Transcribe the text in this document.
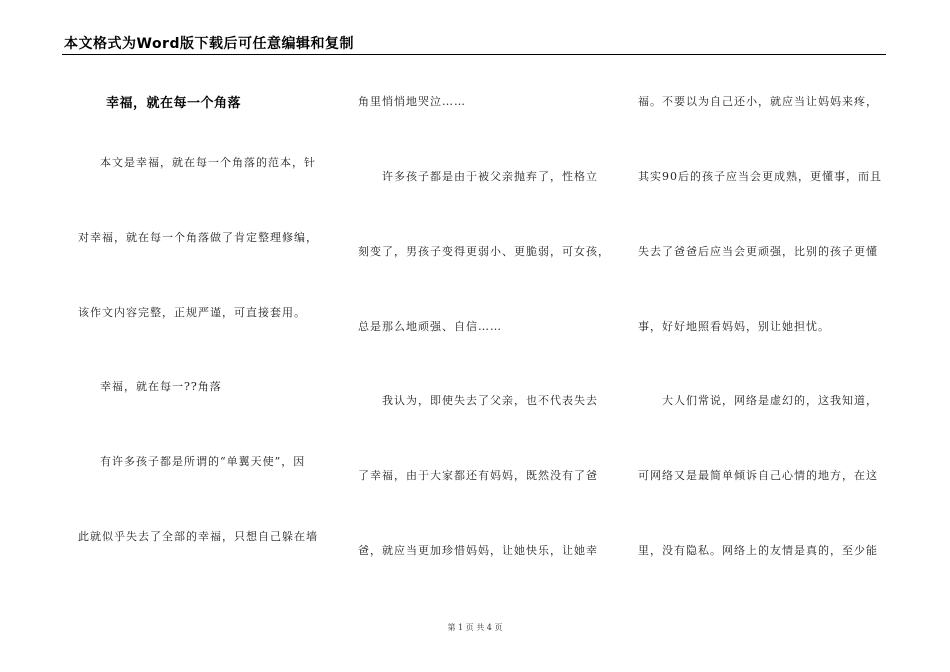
本文格式为Word版下载后可任意编辑和复制
幸福，就在每一个角落
本文是幸福，就在每一个角落的范本，针
对幸福，就在每一个角落做了肯定整理修编，
该作文内容完整，正规严谨，可直接套用。
幸福，就在每一??角落
有许多孩子都是所谓的“单翼天使”，因
此就似乎失去了全部的幸福，只想自己躲在墙
角里悄悄地哭泣……
许多孩子都是由于被父亲抛弃了，性格立
刻变了，男孩子变得更弱小、更脆弱，可女孩，
总是那么地顽强、自信……
我认为，即使失去了父亲，也不代表失去
了幸福，由于大家都还有妈妈，既然没有了爸
爸，就应当更加珍惜妈妈，让她快乐，让她幸
福。不要以为自己还小，就应当让妈妈来疼，
其实90后的孩子应当会更成熟，更懂事，而且
失去了爸爸后应当会更顽强，比别的孩子更懂
事，好好地照看妈妈，别让她担忧。
大人们常说，网络是虚幻的，这我知道，
可网络又是最简单倾诉自己心情的地方，在这
里，没有隐私。网络上的友情是真的，至少能
第 1 页 共 4 页
